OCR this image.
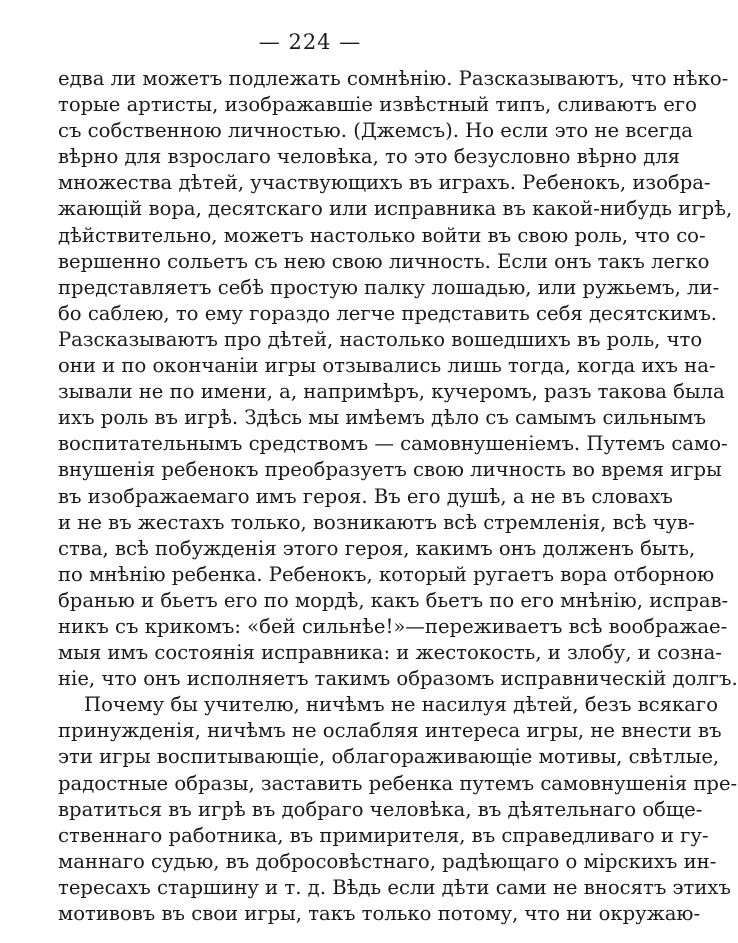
— 224 —
едва ли можетъ подлежать сомнѣнію. Разсказываютъ, что нѣко-
торые артисты, изображавшіе извѣстный типъ, сливаютъ его
съ собственною личностью. (Джемсъ). Но если это не всегда
вѣрно для взрослаго человѣка, то это безусловно вѣрно для
множества дѣтей, участвующихъ въ играхъ. Ребенокъ, изобра-
жающій вора, десятскаго или исправника въ какой-нибудь игрѣ,
дѣйствительно, можетъ настолько войти въ свою роль, что со-
вершенно сольетъ съ нею свою личность. Если онъ такъ легко
представляетъ себѣ простую палку лошадью, или ружьемъ, ли-
бо саблею, то ему гораздо легче представить себя десятскимъ.
Разсказываютъ про дѣтей, настолько вошедшихъ въ роль, что
они и по окончаніи игры отзывались лишь тогда, когда ихъ на-
зывали не по имени, а, напримѣръ, кучеромъ, разъ такова была
ихъ роль въ игрѣ. Здѣсь мы имѣемъ дѣло съ самымъ сильнымъ
воспитательнымъ средствомъ — самовнушеніемъ. Путемъ само-
внушенія ребенокъ преобразуетъ свою личность во время игры
въ изображаемаго имъ героя. Въ его душѣ, а не въ словахъ
и не въ жестахъ только, возникаютъ всѣ стремленія, всѣ чув-
ства, всѣ побужденія этого героя, какимъ онъ долженъ быть,
по мнѣнію ребенка. Ребенокъ, который ругаетъ вора отборною
бранью и бьетъ его по мордѣ, какъ бьетъ по его мнѣнію, исправ-
никъ съ крикомъ: «бей сильнѣе!»—переживаетъ всѣ воображае-
мыя имъ состоянія исправника: и жестокость, и злобу, и созна-
ніе, что онъ исполняетъ такимъ образомъ исправническій долгъ.
Почему бы учителю, ничѣмъ не насилуя дѣтей, безъ всякаго
принужденія, ничѣмъ не ослабляя интереса игры, не внести въ
эти игры воспитывающіе, облагораживающіе мотивы, свѣтлые,
радостные образы, заставить ребенка путемъ самовнушенія пре-
вратиться въ игрѣ въ добраго человѣка, въ дѣятельнаго обще-
ственнаго работника, въ примирителя, въ справедливаго и гу-
маннаго судью, въ добросовѣстнаго, радѣющаго о мірскихъ ин-
тересахъ старшину и т. д. Вѣдь если дѣти сами не вносятъ этихъ
мотивовъ въ свои игры, такъ только потому, что ни окружаю-
